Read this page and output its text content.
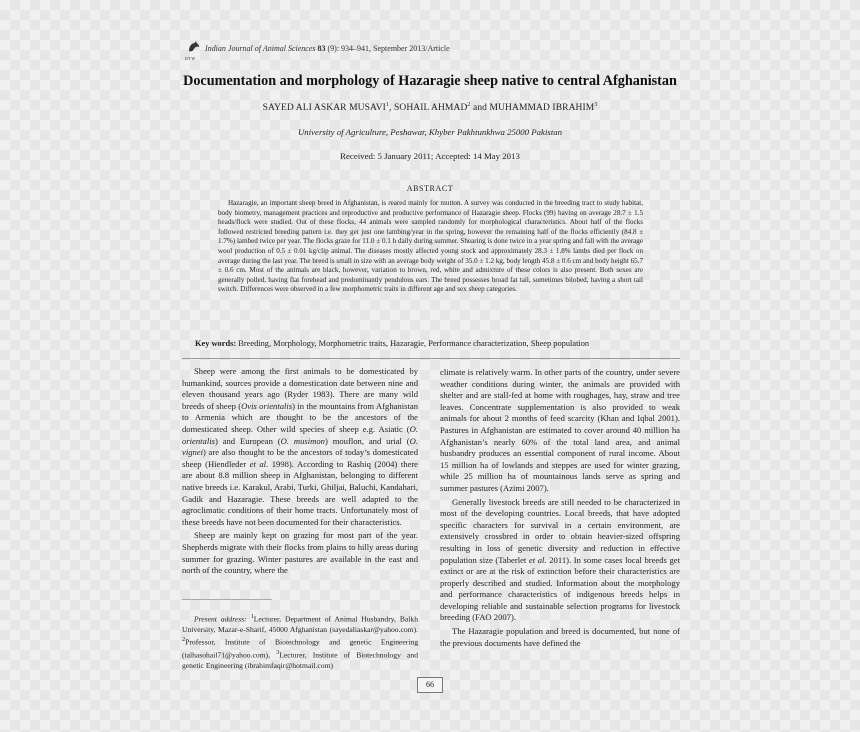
DTW
Indian Journal of Animal Sciences 83 (9): 934–941, September 2013/Article
Documentation and morphology of Hazaragie sheep native to central Afghanistan
SAYED ALI ASKAR MUSAVI$^1$, SOHAIL AHMAD$^2$ and MUHAMMAD IBRAHIM$^3$
University of Agriculture, Peshawar, Khyber Pakhtunkhwa 25000 Pakistan
Received: 5 January 2011; Accepted: 14 May 2013
ABSTRACT
Hazaragie, an important sheep breed in Afghanistan, is reared mainly for mutton. A survey was conducted in the breeding tract to study habitat, body biometry, management practices and reproductive and productive performance of Hazaragie sheep. Flocks (99) having on average 28.7 ± 1.5 heads/flock were studied. Out of these flocks, 44 animals were sampled randomly for morphological characteristics. About half of the flocks followed restricted breeding pattern i.e. they get just one lambing/year in the spring, however the remaining half of the flocks efficiently (84.8 ± 1.7%) lambed twice per year. The flocks graze for 11.0 ± 0.1 h daily during summer. Shearing is done twice in a year spring and fall with the average wool production of 0.5 ± 0.01 kg/clip animal. The diseases mostly affected young stock and approximately 28.3 ± 1.8% lambs died per flock on average during the last year. The breed is small in size with an average body weight of 35.0 ± 1.2 kg, body length 45.8 ± 0.6 cm and body height 65.7 ± 0.6 cm. Most of the animals are black, however, variation to brown, red, white and admixture of these colors is also present. Both sexes are generally polled, having flat forehead and predominantly pendulous ears. The breed possesses broad fat tail, sometimes bilobed, having a short tail switch. Differences were observed in a few morphometric traits in different age and sex sheep categories.
Key words: Breeding, Morphology, Morphometric traits, Hazaragie, Performance characterization, Sheep population

Sheep were among the first animals to be domesticated by humankind, sources provide a domestication date between nine and eleven thousand years ago (Ryder 1983). There are many wild breeds of sheep (Ovis orientalis) in the mountains from Afghanistan to Armenia which are thought to be the ancestors of the domesticated sheep. Other wild species of sheep e.g. Asiatic (O. orientalis) and European (O. musimon) mouflon, and urial (O. vignei) are also thought to be the ancestors of today’s domesticated sheep (Hiendleder et al. 1998). According to Rashiq (2004) there are about 8.8 million sheep in Afghanistan, belonging to different native breeds i.e. Karakul, Arabi, Turki, Ghiljai, Baluchi, Kandahari, Gadik and Hazaragie. These breeds are well adapted to the agroclimatic conditions of their home tracts. Unfortunately most of these breeds have not been documented for their characteristics.

Sheep are mainly kept on grazing for most part of the year. Shepherds migrate with their flocks from plains to hilly areas during summer for grazing. Winter pastures are available in the east and north of the country, where the

Present address: $^1$Lecturer, Department of Animal Husbandry, Balkh University, Mazar-e-Sharif, 45000 Afghanistan (sayedaliaskar@yahoo.com). $^2$Professor, Institute of Biotechnology and genetic Engineering (talhasohail71@yahoo.com), $^3$Lecturer, Institute of Biotechnology and genetic Engineering (ibrahimfaqir@hotmail.com)

climate is relatively warm. In other parts of the country, under severe weather conditions during winter, the animals are provided with shelter and are stall-fed at home with roughages, hay, straw and tree leaves. Concentrate supplementation is also provided to weak animals for about 2 months of feed scarcity (Khan and Iqbal 2001). Pastures in Afghanistan are estimated to cover around 40 million ha Afghanistan’s nearly 60% of the total land area, and animal husbandry produces an essential component of rural income. About 15 million ha of lowlands and steppes are used for winter grazing, while 25 million ha of mountainous lands serve as spring and summer pastures (Azimi 2007).

Generally livestock breeds are still needed to be characterized in most of the developing countries. Local breeds, that have adopted specific characters for survival in a certain environment, are extensively crossbred in order to obtain heavier-sized offspring resulting in loss of genetic diversity and reduction in effective population size (Taberlet et al. 2011). In some cases local breeds get extinct or are at the risk of extinction before their characteristics are properly described and studied. Information about the morphology and performance characteristics of indigenous breeds helps in developing reliable and sustainable selection programs for livestock breeding (FAO 2007).

The Hazaragie population and breed is documented, but none of the previous documents have defined the

66
